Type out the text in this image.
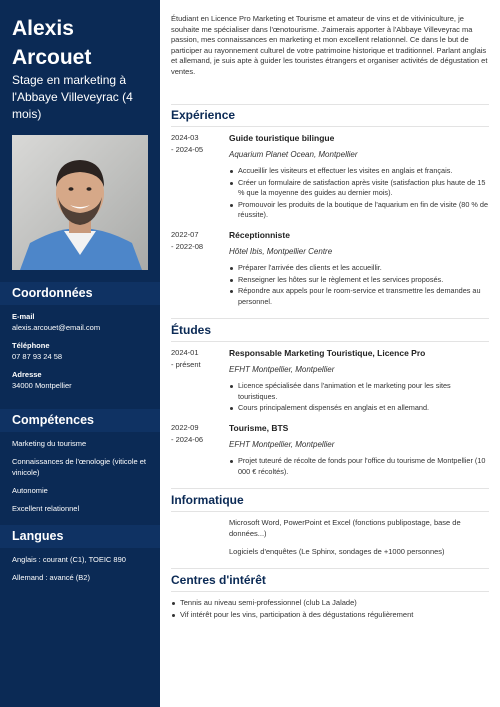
Alexis
Arcouet
Stage en marketing à l'Abbaye Villeveyrac (4 mois)
Coordonnées
E-mail
alexis.arcouet@email.com
Téléphone
07 87 93 24 58
Adresse
34000 Montpellier
Compétences
Marketing du tourisme
Connaissances de l'œnologie (viticole et vinicole)
Autonomie
Excellent relationnel
Langues
Anglais : courant (C1), TOEIC 890
Allemand : avancé (B2)
Étudiant en Licence Pro Marketing et Tourisme et amateur de vins et de vitiviniculture, je souhaite me spécialiser dans l'œnotourisme. J'aimerais apporter à l'Abbaye Villeveyrac ma passion, mes connaissances en marketing et mon excellent relationnel. Ce dans le but de participer au rayonnement culturel de votre patrimoine historique et traditionnel. Parlant anglais et allemand, je suis apte à guider les touristes étrangers et organiser activités de dégustation et ventes.
Expérience
2024-03
- 2024-05
Guide touristique bilingue
Aquarium Planet Ocean, Montpellier
Accueillir les visiteurs et effectuer les visites en anglais et français.
Créer un formulaire de satisfaction après visite (satisfaction plus haute de 15 % que la moyenne des guides au dernier mois).
Promouvoir les produits de la boutique de l'aquarium en fin de visite (80 % de réussite).
2022-07
- 2022-08
Réceptionniste
Hôtel Ibis, Montpellier Centre
Préparer l'arrivée des clients et les accueillir.
Renseigner les hôtes sur le règlement et les services proposés.
Répondre aux appels pour le room-service et transmettre les demandes au personnel.
Études
2024-01
- présent
Responsable Marketing Touristique, Licence Pro
EFHT Montpellier, Montpellier
Licence spécialisée dans l'animation et le marketing pour les sites touristiques.
Cours principalement dispensés en anglais et en allemand.
2022-09
- 2024-06
Tourisme, BTS
EFHT Montpellier, Montpellier
Projet tuteuré de récolte de fonds pour l'office du tourisme de Montpellier (10 000 € récoltés).
Informatique
Microsoft Word, PowerPoint et Excel (fonctions publipostage, base de données...)
Logiciels d'enquêtes (Le Sphinx, sondages de +1000 personnes)
Centres d'intérêt
Tennis au niveau semi-professionnel (club La Jalade)
Vif intérêt pour les vins, participation à des dégustations régulièrement
